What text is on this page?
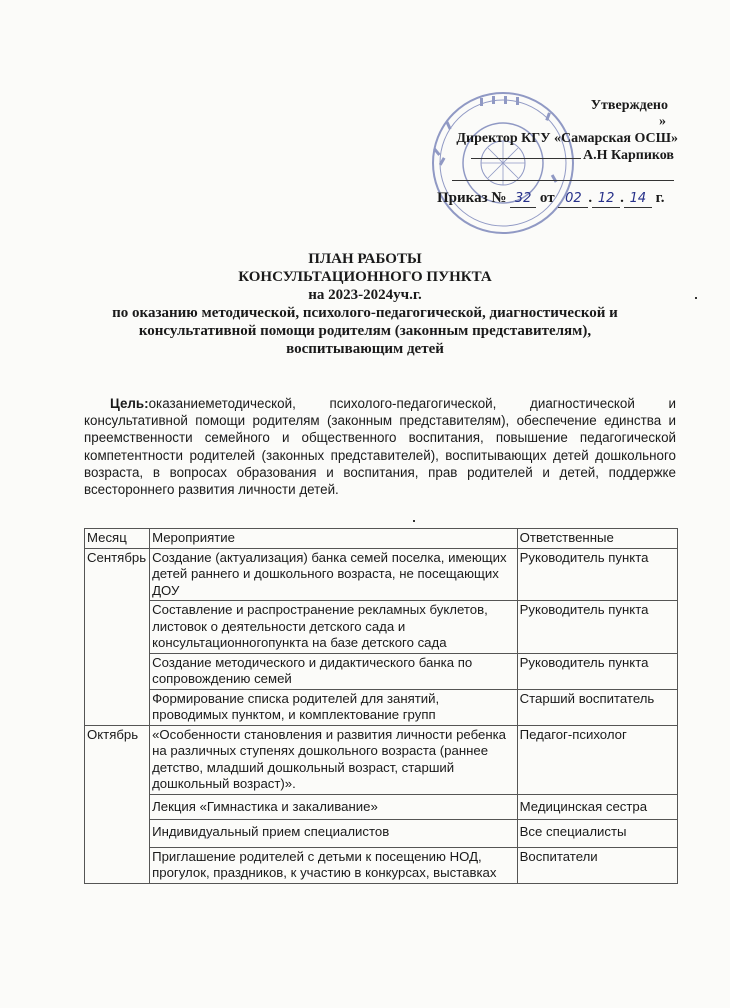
Утверждено
»
Директор КГУ «Самарская ОСШ»
А.Н Карпиков
Приказ № 32 от 02 . 12 . 14 г.
ПЛАН РАБОТЫ
КОНСУЛЬТАЦИОННОГО ПУНКТА
на 2023-2024уч.г.
по оказанию методической, психолого-педагогической, диагностической и
консультативной помощи родителям (законным представителям),
воспитывающим детей
Цель:оказаниеметодической, психолого-педагогической, диагностической и консультативной помощи родителям (законным представителям), обеспечение единства и преемственности семейного и общественного воспитания, повышение педагогической компетентности родителей (законных представителей), воспитывающих детей дошкольного возраста, в вопросах образования и воспитания, прав родителей и детей, поддержке всестороннего развития личности детей.
Месяц	Мероприятие	Ответственные
Сентябрь	Создание (актуализация) банка семей поселка, имеющих детей раннего и дошкольного возраста, не посещающих ДОУ	Руководитель пункта
	Составление и распространение рекламных буклетов, листовок о деятельности детского сада и консультационногопункта на базе детского сада	Руководитель пункта
	Создание методического и дидактического банка по сопровождению семей	Руководитель пункта
	Формирование списка родителей для занятий, проводимых пунктом, и комплектование групп	Старший воспитатель
Октябрь	«Особенности становления и развития личности ребенка на различных ступенях дошкольного возраста (раннее детство, младший дошкольный возраст, старший дошкольный возраст)».	Педагог-психолог
	Лекция «Гимнастика и закаливание»	Медицинская сестра
	Индивидуальный прием специалистов	Все специалисты
	Приглашение родителей с детьми к посещению НОД, прогулок, праздников, к участию в конкурсах, выставках	Воспитатели
